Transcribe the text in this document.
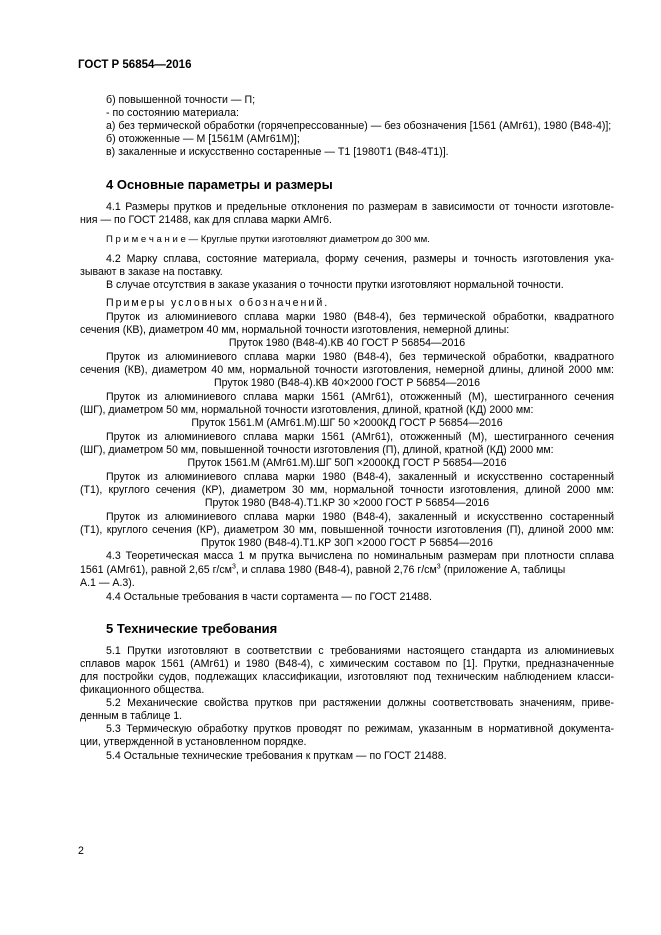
ГОСТ Р 56854—2016
б) повышенной точности — П;
- по состоянию материала:
а) без термической обработки (горячепрессованные) — без обозначения [1561 (АМг61), 1980 (В48-4)];
б) отожженные — М [1561М (АМг61М)];
в) закаленные и искусственно состаренные — Т1 [1980Т1 (В48-4Т1)].
4 Основные параметры и размеры
4.1 Размеры прутков и предельные отклонения по размерам в зависимости от точности изготовле-
ния — по ГОСТ 21488, как для сплава марки АМг6.
П р и м е ч а н и е — Круглые прутки изготовляют диаметром до 300 мм.
4.2 Марку сплава, состояние материала, форму сечения, размеры и точность изготовления ука-
зывают в заказе на поставку.
В случае отсутствия в заказе указания о точности прутки изготовляют нормальной точности.
Примеры условных обозначений.
Пруток из алюминиевого сплава марки 1980 (В48-4), без термической обработки, квадратного
сечения (КВ), диаметром 40 мм, нормальной точности изготовления, немерной длины:
Пруток 1980 (В48-4).КВ 40 ГОСТ Р 56854—2016
Пруток из алюминиевого сплава марки 1980 (В48-4), без термической обработки, квадратного
сечения (КВ), диаметром 40 мм, нормальной точности изготовления, немерной длины, длиной 2000 мм:
Пруток 1980 (В48-4).КВ 40×2000 ГОСТ Р 56854—2016
Пруток из алюминиевого сплава марки 1561 (АМг61), отожженный (М), шестигранного сечения
(ШГ), диаметром 50 мм, нормальной точности изготовления, длиной, кратной (КД) 2000 мм:
Пруток 1561.М (АМг61.М).ШГ 50 ×2000КД ГОСТ Р 56854—2016
Пруток из алюминиевого сплава марки 1561 (АМг61), отожженный (М), шестигранного сечения
(ШГ), диаметром 50 мм, повышенной точности изготовления (П), длиной, кратной (КД) 2000 мм:
Пруток 1561.М (АМг61.М).ШГ 50П ×2000КД ГОСТ Р 56854—2016
Пруток из алюминиевого сплава марки 1980 (В48-4), закаленный и искусственно состаренный
(Т1), круглого сечения (КР), диаметром 30 мм, нормальной точности изготовления, длиной 2000 мм:
Пруток 1980 (В48-4).Т1.КР 30 ×2000 ГОСТ Р 56854—2016
Пруток из алюминиевого сплава марки 1980 (В48-4), закаленный и искусственно состаренный
(Т1), круглого сечения (КР), диаметром 30 мм, повышенной точности изготовления (П), длиной 2000 мм:
Пруток 1980 (В48-4).Т1.КР 30П ×2000 ГОСТ Р 56854—2016
4.3 Теоретическая масса 1 м прутка вычислена по номинальным размерам при плотности сплава
1561 (АМг61), равной 2,65 $г/см^3$, и сплава 1980 (В48-4), равной 2,76 $г/см^3$ (приложение А, таблицы
А.1 — А.3).
4.4 Остальные требования в части сортамента — по ГОСТ 21488.
5 Технические требования
5.1 Прутки изготовляют в соответствии с требованиями настоящего стандарта из алюминиевых
сплавов марок 1561 (АМг61) и 1980 (В48-4), с химическим составом по [1]. Прутки, предназначенные
для постройки судов, подлежащих классификации, изготовляют под техническим наблюдением класси-
фикационного общества.
5.2 Механические свойства прутков при растяжении должны соответствовать значениям, приве-
денным в таблице 1.
5.3 Термическую обработку прутков проводят по режимам, указанным в нормативной документа-
ции, утвержденной в установленном порядке.
5.4 Остальные технические требования к пруткам — по ГОСТ 21488.
2
